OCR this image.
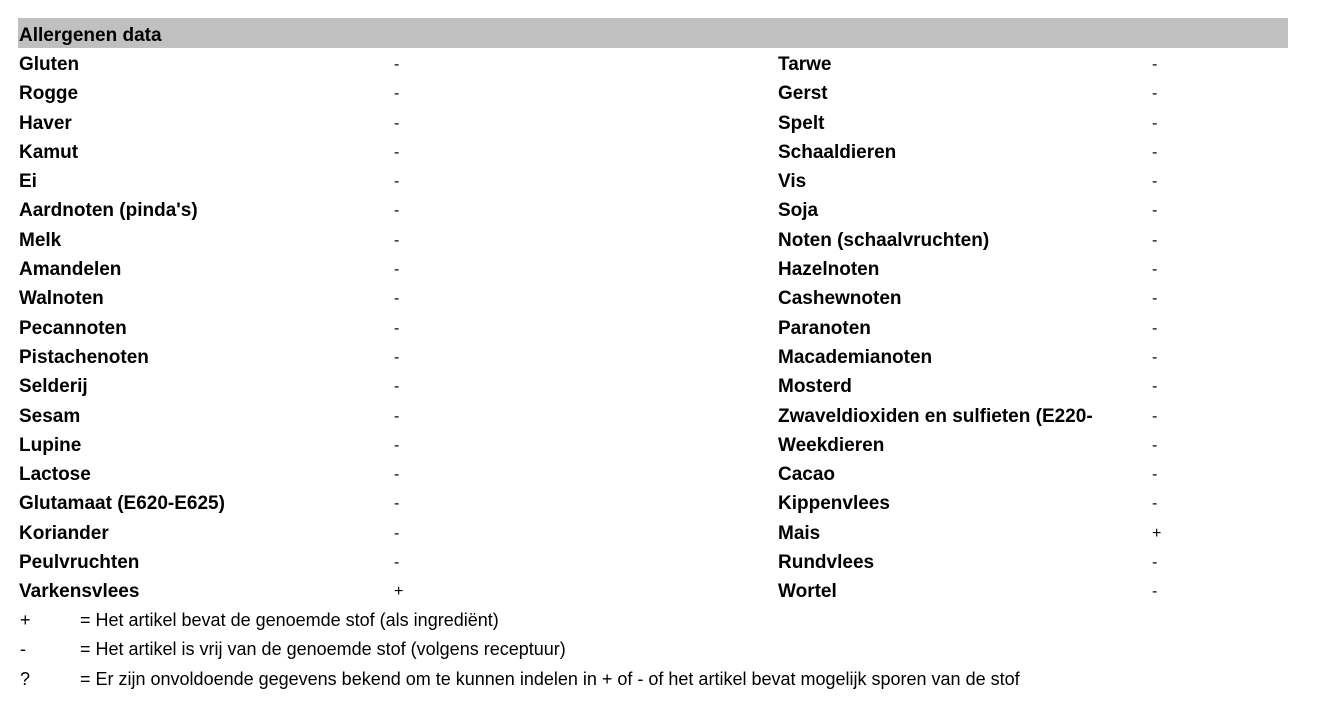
Allergenen data
Gluten	-	Tarwe	-
Rogge	-	Gerst	-
Haver	-	Spelt	-
Kamut	-	Schaaldieren	-
Ei	-	Vis	-
Aardnoten (pinda's)	-	Soja	-
Melk	-	Noten (schaalvruchten)	-
Amandelen	-	Hazelnoten	-
Walnoten	-	Cashewnoten	-
Pecannoten	-	Paranoten	-
Pistachenoten	-	Macademianoten	-
Selderij	-	Mosterd	-
Sesam	-	Zwaveldioxiden en sulfieten (E220-	-
Lupine	-	Weekdieren	-
Lactose	-	Cacao	-
Glutamaat (E620-E625)	-	Kippenvlees	-
Koriander	-	Mais	+
Peulvruchten	-	Rundvlees	-
Varkensvlees	+	Wortel	-
+	= Het artikel bevat de genoemde stof (als ingrediënt)
-	= Het artikel is vrij van de genoemde stof (volgens receptuur)
?	= Er zijn onvoldoende gegevens bekend om te kunnen indelen in + of - of het artikel bevat mogelijk sporen van de stof
